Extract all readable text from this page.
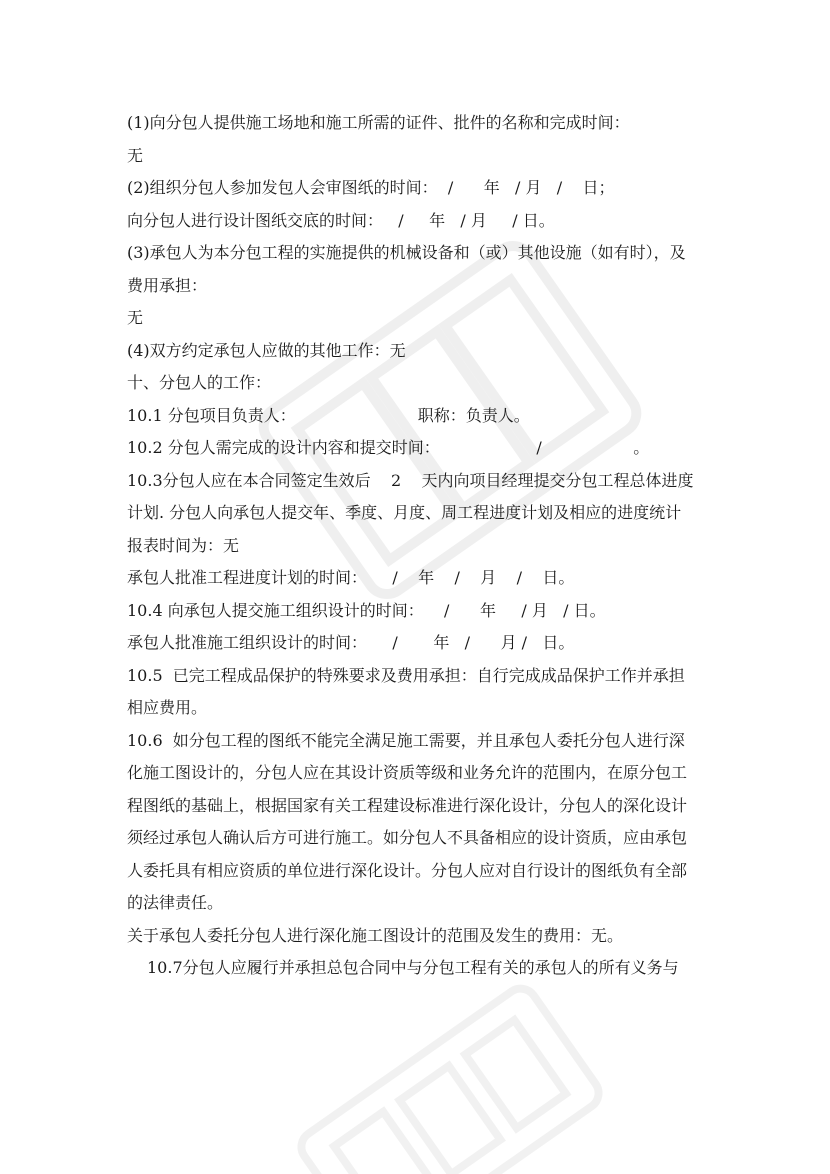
(1)向分包人提供施工场地和施工所需的证件、批件的名称和完成时间：
无
(2)组织分包人参加发包人会审图纸的时间：  /      年   / 月   /    日；
向分包人进行设计图纸交底的时间：   /     年   / 月     / 日。
(3)承包人为本分包工程的实施提供的机械设备和（或）其他设施（如有时），及
费用承担：
无
(4)双方约定承包人应做的其他工作：无
十、分包人的工作：
10.1 分包项目负责人：                        职称：负责人。
10.2 分包人需完成的设计内容和提交时间：                   /                  。
10.3分包人应在本合同签定生效后    2    天内向项目经理提交分包工程总体进度
计划. 分包人向承包人提交年、季度、月度、周工程进度计划及相应的进度统计
报表时间为：无
承包人批准工程进度计划的时间：     /    年    /    月    /    日。
10.4 向承包人提交施工组织设计的时间：    /      年     / 月   / 日。
承包人批准施工组织设计的时间：     /       年   /      月 /   日。
10.5  已完工程成品保护的特殊要求及费用承担：自行完成成品保护工作并承担
相应费用。
10.6  如分包工程的图纸不能完全满足施工需要，并且承包人委托分包人进行深
化施工图设计的，分包人应在其设计资质等级和业务允许的范围内，在原分包工
程图纸的基础上，根据国家有关工程建设标准进行深化设计，分包人的深化设计
须经过承包人确认后方可进行施工。如分包人不具备相应的设计资质，应由承包
人委托具有相应资质的单位进行深化设计。分包人应对自行设计的图纸负有全部
的法律责任。
关于承包人委托分包人进行深化施工图设计的范围及发生的费用：无。
10.7分包人应履行并承担总包合同中与分包工程有关的承包人的所有义务与
